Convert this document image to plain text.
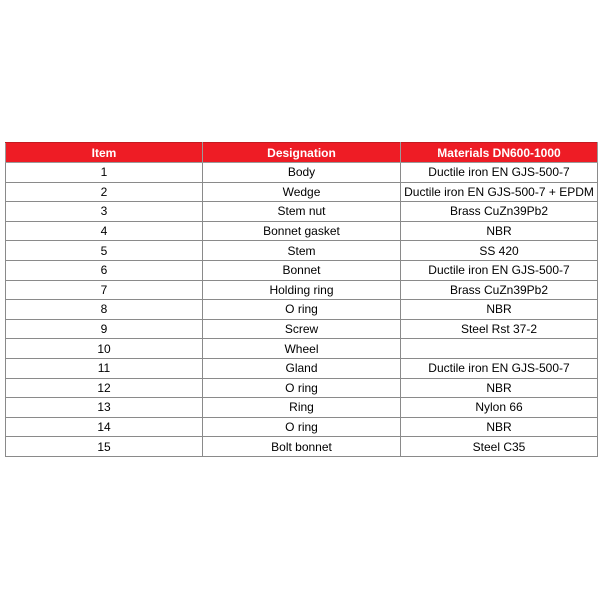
Item	Designation	Materials DN600-1000
1	Body	Ductile iron EN GJS-500-7
2	Wedge	Ductile iron EN GJS-500-7 + EPDM
3	Stem nut	Brass CuZn39Pb2
4	Bonnet gasket	NBR
5	Stem	SS 420
6	Bonnet	Ductile iron EN GJS-500-7
7	Holding ring	Brass CuZn39Pb2
8	O ring	NBR
9	Screw	Steel Rst 37-2
10	Wheel	
11	Gland	Ductile iron EN GJS-500-7
12	O ring	NBR
13	Ring	Nylon 66
14	O ring	NBR
15	Bolt bonnet	Steel C35
